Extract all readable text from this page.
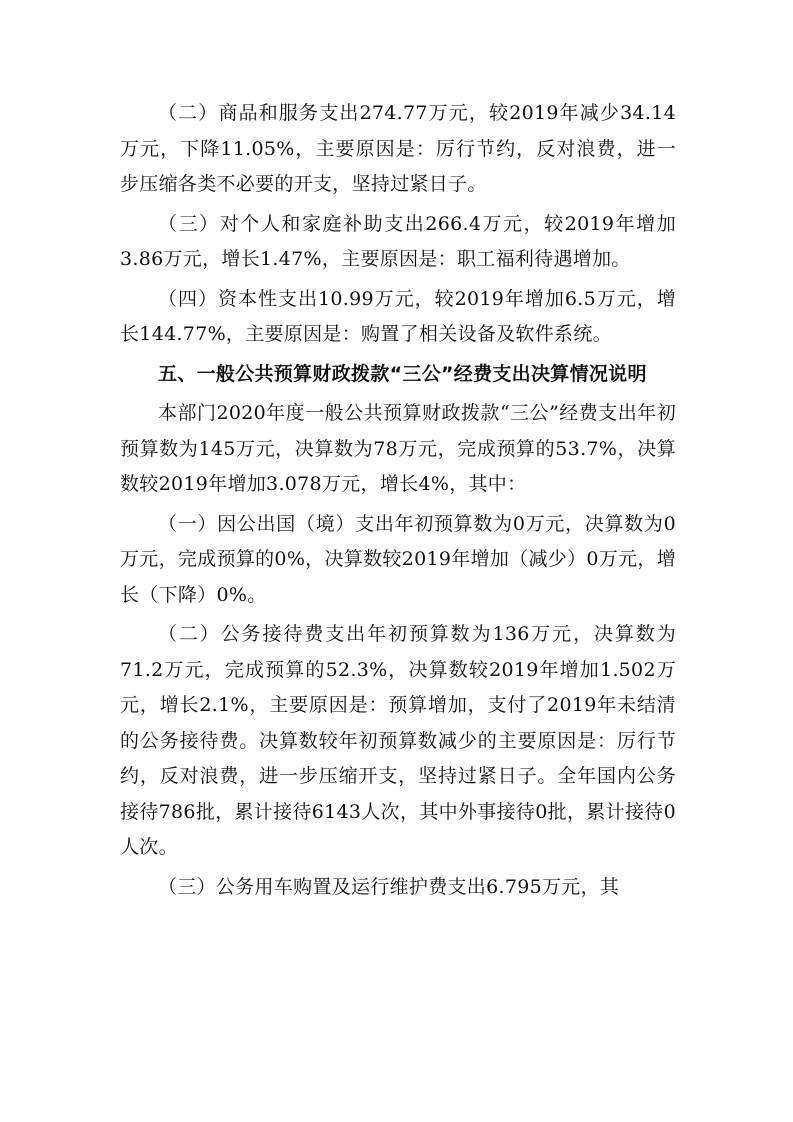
（二）商品和服务支出274.77万元，较2019年减少34.14万元，下降11.05%，主要原因是：厉行节约，反对浪费，进一步压缩各类不必要的开支，坚持过紧日子。

（三）对个人和家庭补助支出266.4万元，较2019年增加3.86万元，增长1.47%，主要原因是：职工福利待遇增加。

（四）资本性支出10.99万元，较2019年增加6.5万元，增长144.77%，主要原因是：购置了相关设备及软件系统。

五、一般公共预算财政拨款“三公”经费支出决算情况说明

本部门2020年度一般公共预算财政拨款“三公”经费支出年初预算数为145万元，决算数为78万元，完成预算的53.7%，决算数较2019年增加3.078万元，增长4%，其中：

（一）因公出国（境）支出年初预算数为0万元，决算数为0万元，完成预算的0%，决算数较2019年增加（减少）0万元，增长（下降）0%。

（二）公务接待费支出年初预算数为136万元，决算数为71.2万元，完成预算的52.3%，决算数较2019年增加1.502万元，增长2.1%，主要原因是：预算增加，支付了2019年未结清的公务接待费。决算数较年初预算数减少的主要原因是：厉行节约，反对浪费，进一步压缩开支，坚持过紧日子。全年国内公务接待786批，累计接待6143人次，其中外事接待0批，累计接待0人次。

（三）公务用车购置及运行维护费支出6.795万元，其
